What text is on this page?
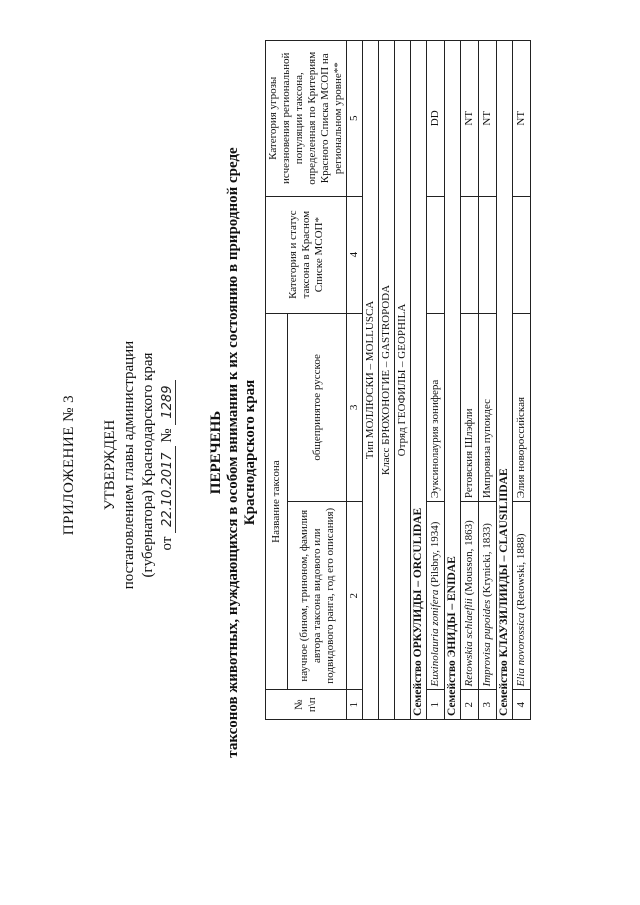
ПРИЛОЖЕНИЕ № 3 УТВЕРЖДЕН постановлением главы администрации (губернатора) Краснодарского края от 22.10.2017 № 1289
ПЕРЕЧЕНЬ таксонов животных, нуждающихся в особом внимании к их состоянию в природной среде Краснодарского края
№ п\п	Название таксона		Категория и статус таксона в Красном Списке МСОП*	Категория угрозы исчезновения региональной популяции таксона, определенная по Критериям Красного Списка МСОП на региональном уровне**
	научное (бином, триноном, фамилия автора таксона видового или подвидового ранга, год его описания)	общепринятое русское		
1	2	3	4	5
Тип МОЛЛЮСКИ – MOLLUSCA				
Класс БРЮХОНОГИЕ – GASTROPODA				
Отряд ГЕОФИЛЫ – GEOPHILA				
Семейство ОРКУЛИДЫ – ORCULIDAE				
1	Euxinolauria zonifera (Pilsbry, 1934)	Эуксинолаурия зонифера		DD
Семейство ЭНИДЫ – ENIDAE				
2	Retowskia schlaeflii (Mousson, 1863)	Ретовския Шлэфли		NT
3	Improvisa pupoides (Krynicki, 1833)	Импровиза пупоидес		NT
Семейство КЛАУЗИЛИИДЫ – CLAUSILIIDAE				
4	Elia novorossica (Retowski, 1888)	Элия новороссийская		NT
